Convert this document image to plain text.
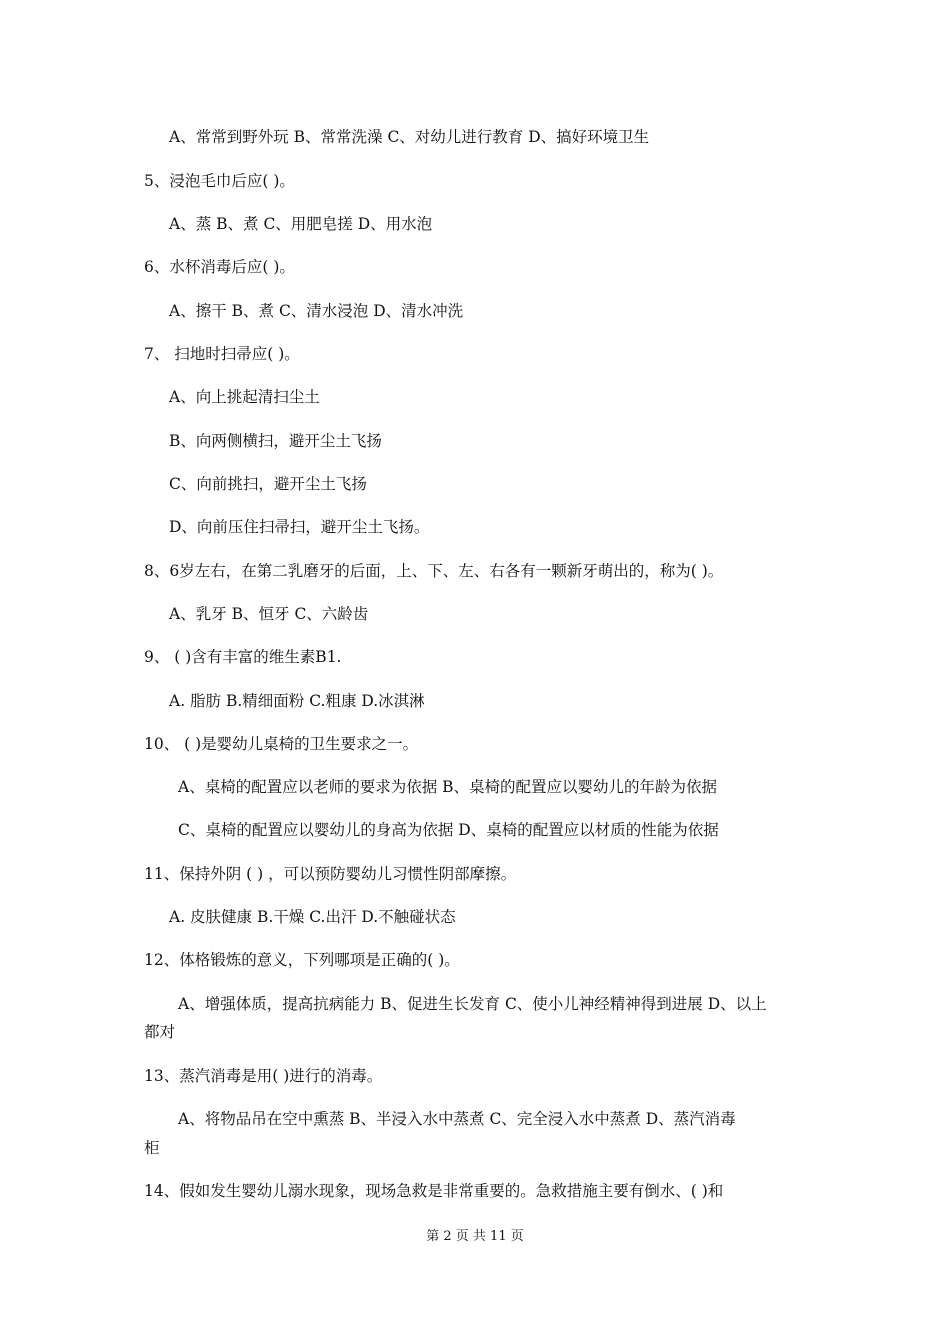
A、常常到野外玩 B、常常洗澡 C、对幼儿进行教育 D、搞好环境卫生
5、浸泡毛巾后应( )。
A、蒸 B、煮 C、用肥皂搓 D、用水泡
6、水杯消毒后应( )。
A、擦干 B、煮 C、清水浸泡 D、清水冲洗
7、 扫地时扫帚应( )。
A、向上挑起清扫尘土
B、向两侧横扫，避开尘土飞扬
C、向前挑扫，避开尘土飞扬
D、向前压住扫帚扫，避开尘土飞扬。
8、6岁左右，在第二乳磨牙的后面，上、下、左、右各有一颗新牙萌出的，称为( )。
A、乳牙 B、恒牙 C、六龄齿
9、 ( )含有丰富的维生素B1.
A. 脂肪 B.精细面粉 C.粗康 D.冰淇淋
10、 ( )是婴幼儿桌椅的卫生要求之一。
A、桌椅的配置应以老师的要求为依据 B、桌椅的配置应以婴幼儿的年龄为依据
C、桌椅的配置应以婴幼儿的身高为依据 D、桌椅的配置应以材质的性能为依据
11、保持外阴 ( ) ，可以预防婴幼儿习惯性阴部摩擦。
A. 皮肤健康 B.干燥 C.出汗 D.不触碰状态
12、体格锻炼的意义，下列哪项是正确的( )。
A、增强体质，提高抗病能力 B、促进生长发育 C、使小儿神经精神得到进展 D、以上
都对
13、蒸汽消毒是用( )进行的消毒。
A、将物品吊在空中熏蒸 B、半浸入水中蒸煮 C、完全浸入水中蒸煮 D、蒸汽消毒
柜
14、假如发生婴幼儿溺水现象，现场急救是非常重要的。急救措施主要有倒水、( )和
第 2 页 共 11 页
